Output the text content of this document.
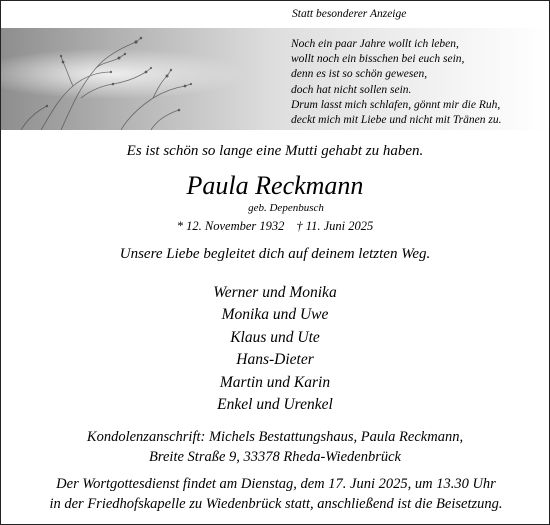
Statt besonderer Anzeige
Noch ein paar Jahre wollt ich leben,
wollt noch ein bisschen bei euch sein,
denn es ist so schön gewesen,
doch hat nicht sollen sein.
Drum lasst mich schlafen, gönnt mir die Ruh,
deckt mich mit Liebe und nicht mit Tränen zu.
Es ist schön so lange eine Mutti gehabt zu haben.
Paula Reckmann
geb. Depenbusch
* 12. November 1932 † 11. Juni 2025
Unsere Liebe begleitet dich auf deinem letzten Weg.
Werner und Monika
Monika und Uwe
Klaus und Ute
Hans-Dieter
Martin und Karin
Enkel und Urenkel
Kondolenzanschrift: Michels Bestattungshaus, Paula Reckmann,
Breite Straße 9, 33378 Rheda-Wiedenbrück
Der Wortgottesdienst findet am Dienstag, dem 17. Juni 2025, um 13.30 Uhr
in der Friedhofskapelle zu Wiedenbrück statt, anschließend ist die Beisetzung.
